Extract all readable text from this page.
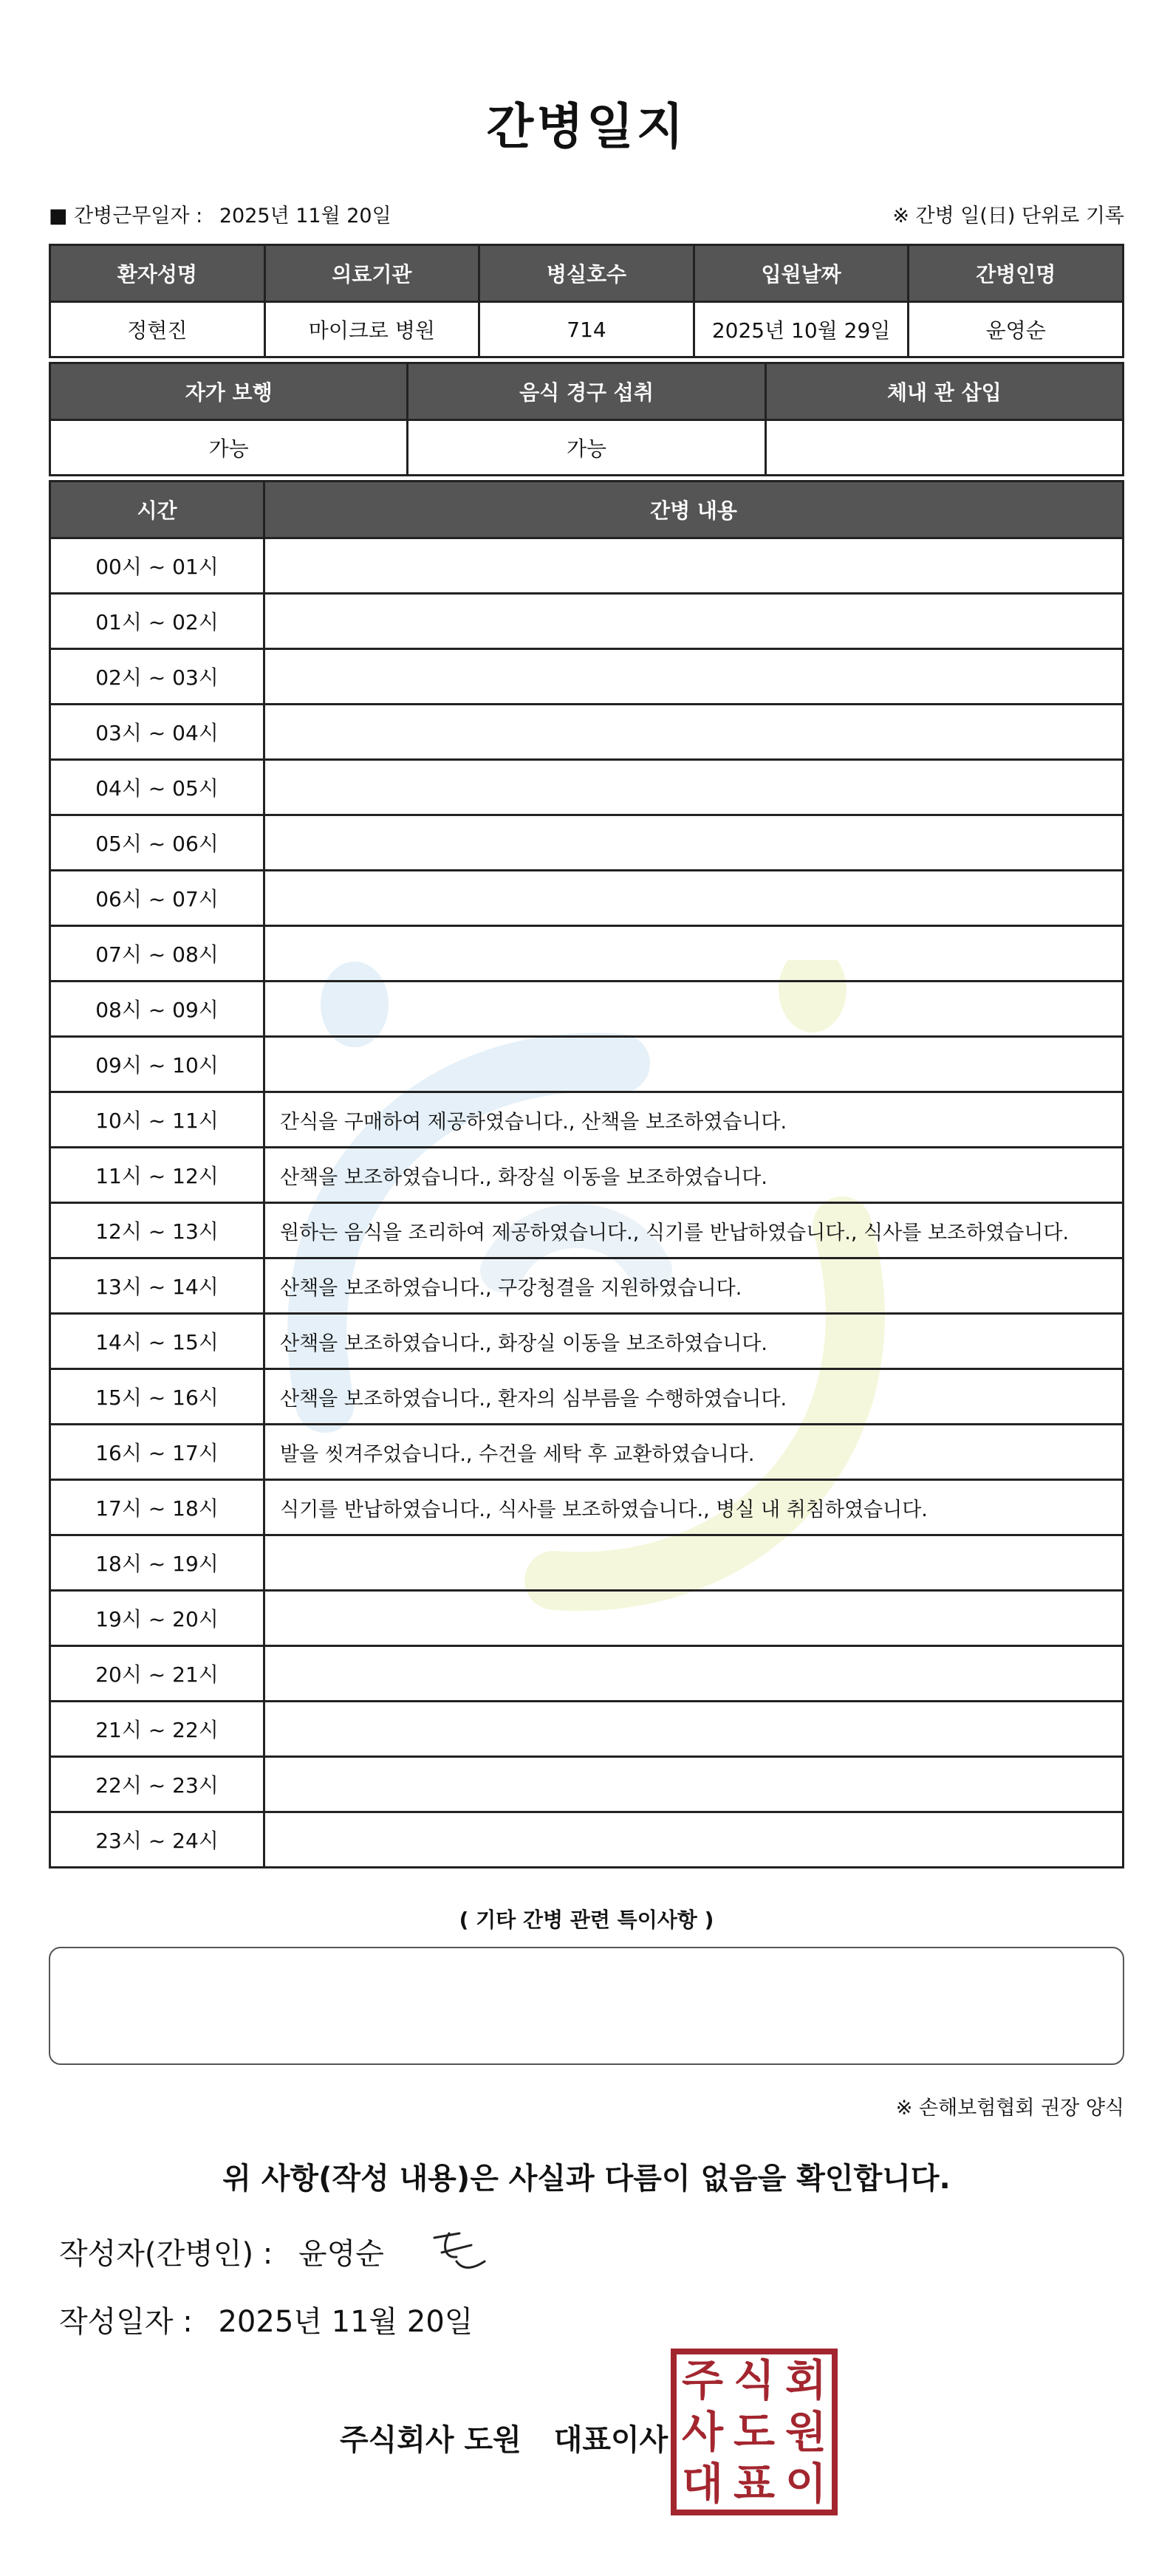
간병일지
■ 간병근무일자 : 2025년 11월 20일	※ 간병 일(日) 단위로 기록
환자성명	의료기관	병실호수	입원날짜	간병인명
정현진	마이크로 병원	714	2025년 10월 29일	윤영순
자가 보행	음식 경구 섭취	체내 관 삽입
가능	가능	
시간	간병 내용
00시 ~ 01시	
01시 ~ 02시	
02시 ~ 03시	
03시 ~ 04시	
04시 ~ 05시	
05시 ~ 06시	
06시 ~ 07시	
07시 ~ 08시	
08시 ~ 09시	
09시 ~ 10시	
10시 ~ 11시	간식을 구매하여 제공하였습니다., 산책을 보조하였습니다.
11시 ~ 12시	산책을 보조하였습니다., 화장실 이동을 보조하였습니다.
12시 ~ 13시	원하는 음식을 조리하여 제공하였습니다., 식기를 반납하였습니다., 식사를 보조하였습니다.
13시 ~ 14시	산책을 보조하였습니다., 구강청결을 지원하였습니다.
14시 ~ 15시	산책을 보조하였습니다., 화장실 이동을 보조하였습니다.
15시 ~ 16시	산책을 보조하였습니다., 환자의 심부름을 수행하였습니다.
16시 ~ 17시	발을 씻겨주었습니다., 수건을 세탁 후 교환하였습니다.
17시 ~ 18시	식기를 반납하였습니다., 식사를 보조하였습니다., 병실 내 취침하였습니다.
18시 ~ 19시	
19시 ~ 20시	
20시 ~ 21시	
21시 ~ 22시	
22시 ~ 23시	
23시 ~ 24시	
( 기타 간병 관련 특이사항 )
※ 손해보험협회 권장 양식
위 사항(작성 내용)은 사실과 다름이 없음을 확인합니다.
작성자(간병인) : 윤영순
작성일자 : 2025년 11월 20일
주식회사 도원 대표이사
주 식 회
사 도 원
대 표 이
